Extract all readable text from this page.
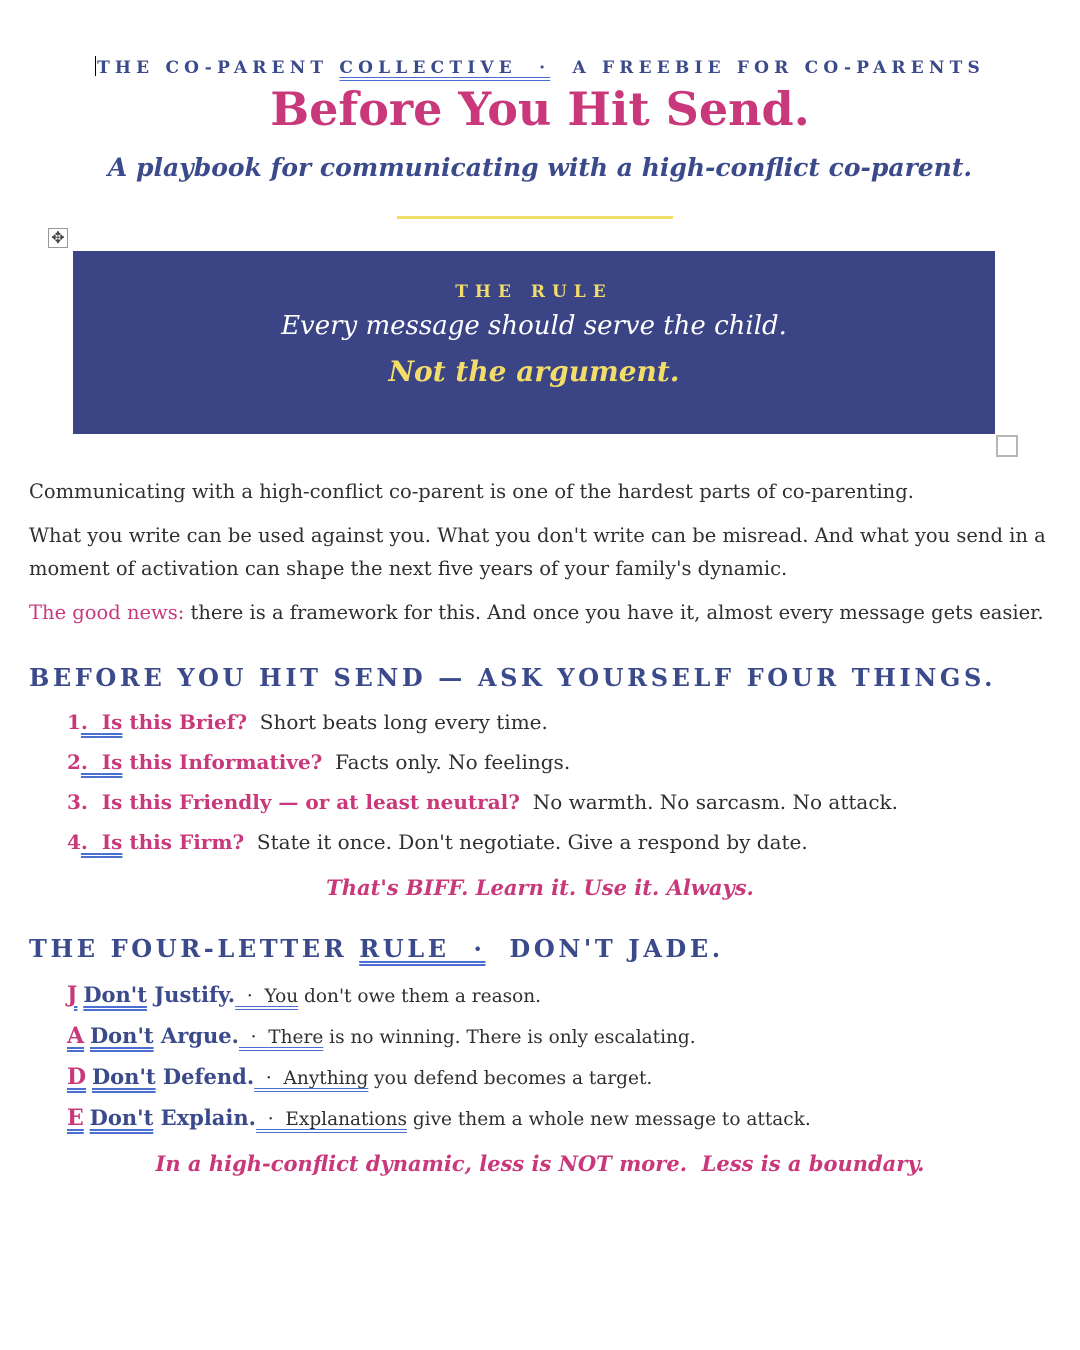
THE CO-PARENT COLLECTIVE  ·  A FREEBIE FOR CO-PARENTS
Before You Hit Send.
A playbook for communicating with a high-conflict co-parent.
✥
THE RULE
Every message should serve the child.
Not the argument.

Communicating with a high-conflict co-parent is one of the hardest parts of co-parenting.

What you write can be used against you. What you don't write can be misread. And what you send in a moment of activation can shape the next five years of your family's dynamic.

The good news: there is a framework for this. And once you have it, almost every message gets easier.

BEFORE YOU HIT SEND — ASK YOURSELF FOUR THINGS.
1.  Is this Brief?  Short beats long every time.
2.  Is this Informative?  Facts only. No feelings.
3.  Is this Friendly — or at least neutral?  No warmth. No sarcasm. No attack.
4.  Is this Firm?  State it once. Don't negotiate. Give a respond by date.
That's BIFF. Learn it. Use it. Always.
THE FOUR-LETTER RULE  ·  DON'T JADE.
J Don't Justify.  ·  You don't owe them a reason.
A Don't Argue.  ·  There is no winning. There is only escalating.
D Don't Defend.  ·  Anything you defend becomes a target.
E Don't Explain.  ·  Explanations give them a whole new message to attack.
In a high-conflict dynamic, less is NOT more.  Less is a boundary.
